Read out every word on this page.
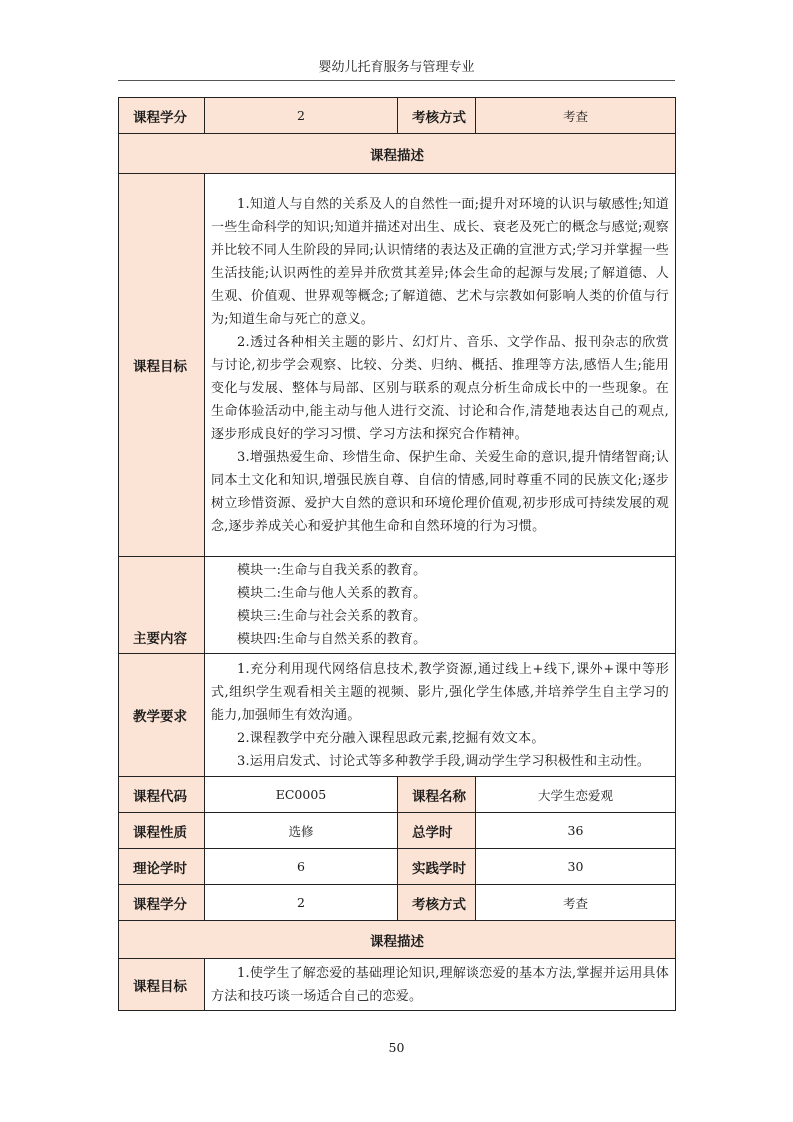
婴幼儿托育服务与管理专业
课程学分	2	考核方式	考查
课程描述			
课程目标	1.知道人与自然的关系及人的自然性一面;提升对环境的认识与敏感性;知道一些生命科学的知识;知道并描述对出生、成长、衰老及死亡的概念与感觉;观察并比较不同人生阶段的异同;认识情绪的表达及正确的宣泄方式;学习并掌握一些生活技能;认识两性的差异并欣赏其差异;体会生命的起源与发展;了解道德、人生观、价值观、世界观等概念;了解道德、艺术与宗教如何影响人类的价值与行为;知道生命与死亡的意义。

2.透过各种相关主题的影片、幻灯片、音乐、文学作品、报刊杂志的欣赏与讨论,初步学会观察、比较、分类、归纳、概括、推理等方法,感悟人生;能用变化与发展、整体与局部、区别与联系的观点分析生命成长中的一些现象。在生命体验活动中,能主动与他人进行交流、讨论和合作,清楚地表达自己的观点,逐步形成良好的学习习惯、学习方法和探究合作精神。

3.增强热爱生命、珍惜生命、保护生命、关爱生命的意识,提升情绪智商;认同本土文化和知识,增强民族自尊、自信的情感,同时尊重不同的民族文化;逐步树立珍惜资源、爱护大自然的意识和环境伦理价值观,初步形成可持续发展的观念,逐步养成关心和爱护其他生命和自然环境的行为习惯。		

主要内容	模块一:生命与自我关系的教育。

模块二:生命与他人关系的教育。

模块三:生命与社会关系的教育。

模块四:生命与自然关系的教育。		

教学要求	1.充分利用现代网络信息技术,教学资源,通过线上+线下,课外+课中等形式,组织学生观看相关主题的视频、影片,强化学生体感,并培养学生自主学习的能力,加强师生有效沟通。

2.课程教学中充分融入课程思政元素,挖掘有效文本。

3.运用启发式、讨论式等多种教学手段,调动学生学习积极性和主动性。		

课程代码	EC0005	课程名称	大学生恋爱观
课程性质	选修	总学时	36
理论学时	6	实践学时	30
课程学分	2	考核方式	考查
课程描述			
课程目标	1.使学生了解恋爱的基础理论知识,理解谈恋爱的基本方法,掌握并运用具体方法和技巧谈一场适合自己的恋爱。		

50
